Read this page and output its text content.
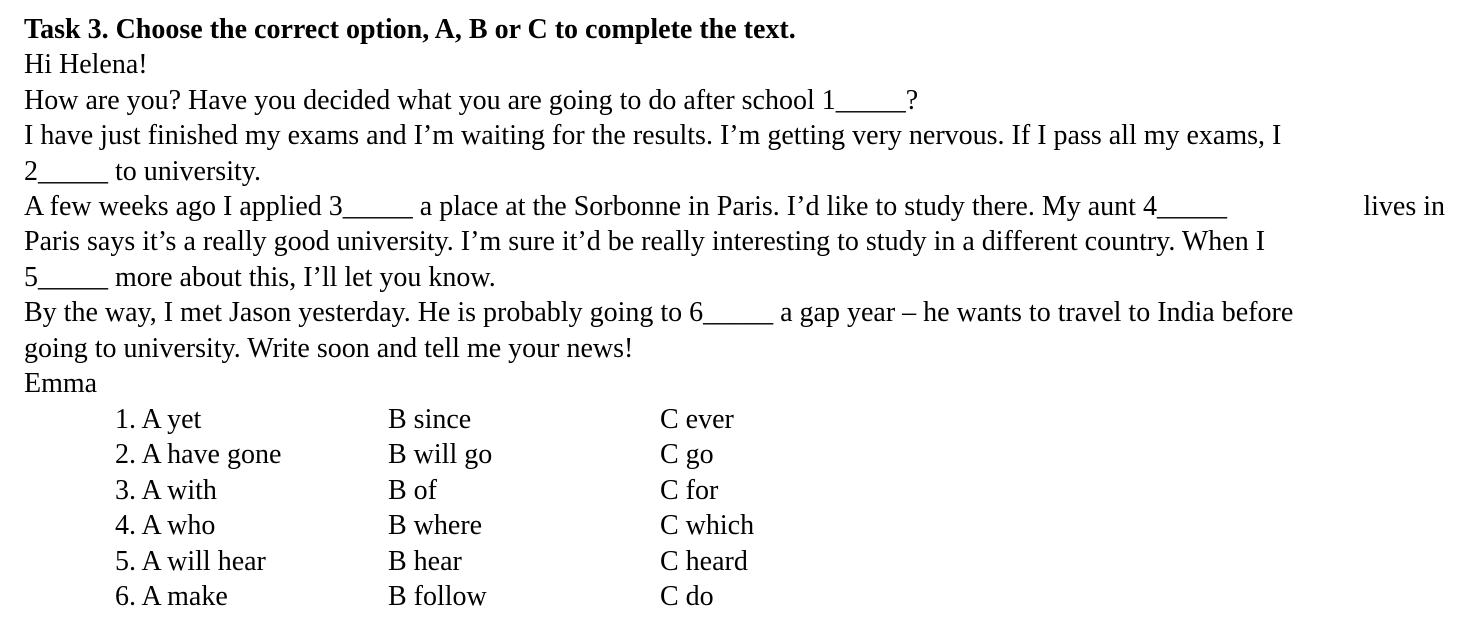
Task 3. Choose the correct option, A, B or C to complete the text.
Hi Helena!
How are you? Have you decided what you are going to do after school 1_____?
I have just finished my exams and I’m waiting for the results. I’m getting very nervous. If I pass all my exams, I
2_____ to university.
A few weeks ago I applied 3_____ a place at the Sorbonne in Paris. I’d like to study there. My aunt 4_____	lives in
Paris says it’s a really good university. I’m sure it’d be really interesting to study in a different country. When I
5_____ more about this, I’ll let you know.
By the way, I met Jason yesterday. He is probably going to 6_____ a gap year – he wants to travel to India before
going to university. Write soon and tell me your news!
Emma
1. A yet	B since	C ever
2. A have gone	B will go	C go
3. A with	B of	C for
4. A who	B where	C which
5. A will hear	B hear	C heard
6. A make	B follow	C do
